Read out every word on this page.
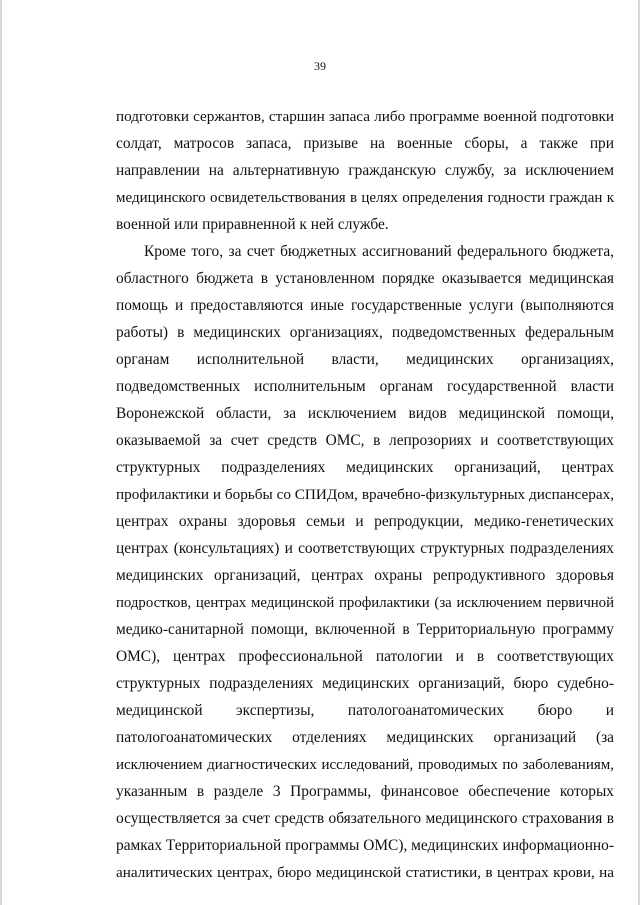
39
подготовки сержантов, старшин запаса либо программе военной подготовки
солдат, матросов запаса, призыве на военные сборы, а также при
направлении на альтернативную гражданскую службу, за исключением
медицинского освидетельствования в целях определения годности граждан к
военной или приравненной к ней службе.
Кроме того, за счет бюджетных ассигнований федерального бюджета,
областного бюджета в установленном порядке оказывается медицинская
помощь и предоставляются иные государственные услуги (выполняются
работы) в медицинских организациях, подведомственных федеральным
органам исполнительной власти, медицинских организациях,
подведомственных исполнительным органам государственной власти
Воронежской области, за исключением видов медицинской помощи,
оказываемой за счет средств ОМС, в лепрозориях и соответствующих
структурных подразделениях медицинских организаций, центрах
профилактики и борьбы со СПИДом, врачебно-физкультурных диспансерах,
центрах охраны здоровья семьи и репродукции, медико-генетических
центрах (консультациях) и соответствующих структурных подразделениях
медицинских организаций, центрах охраны репродуктивного здоровья
подростков, центрах медицинской профилактики (за исключением первичной
медико-санитарной помощи, включенной в Территориальную программу
ОМС), центрах профессиональной патологии и в соответствующих
структурных подразделениях медицинских организаций, бюро судебно-
медицинской экспертизы, патологоанатомических бюро и
патологоанатомических отделениях медицинских организаций (за
исключением диагностических исследований, проводимых по заболеваниям,
указанным в разделе 3 Программы, финансовое обеспечение которых
осуществляется за счет средств обязательного медицинского страхования в
рамках Территориальной программы ОМС), медицинских информационно-
аналитических центрах, бюро медицинской статистики, в центрах крови, на
